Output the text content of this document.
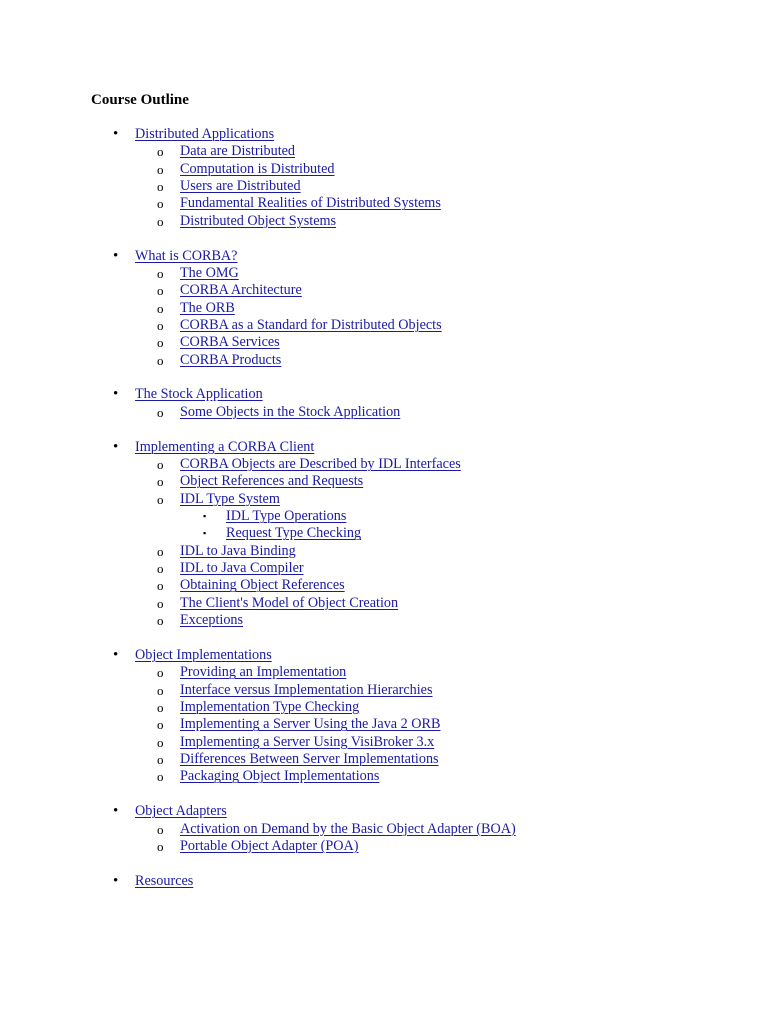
Course Outline
• Distributed Applications
o Data are Distributed
o Computation is Distributed
o Users are Distributed
o Fundamental Realities of Distributed Systems
o Distributed Object Systems
• What is CORBA?
o The OMG
o CORBA Architecture
o The ORB
o CORBA as a Standard for Distributed Objects
o CORBA Services
o CORBA Products
• The Stock Application
o Some Objects in the Stock Application
• Implementing a CORBA Client
o CORBA Objects are Described by IDL Interfaces
o Object References and Requests
o IDL Type System
▪ IDL Type Operations
▪ Request Type Checking
o IDL to Java Binding
o IDL to Java Compiler
o Obtaining Object References
o The Client's Model of Object Creation
o Exceptions
• Object Implementations
o Providing an Implementation
o Interface versus Implementation Hierarchies
o Implementation Type Checking
o Implementing a Server Using the Java 2 ORB
o Implementing a Server Using VisiBroker 3.x
o Differences Between Server Implementations
o Packaging Object Implementations
• Object Adapters
o Activation on Demand by the Basic Object Adapter (BOA)
o Portable Object Adapter (POA)
• Resources
